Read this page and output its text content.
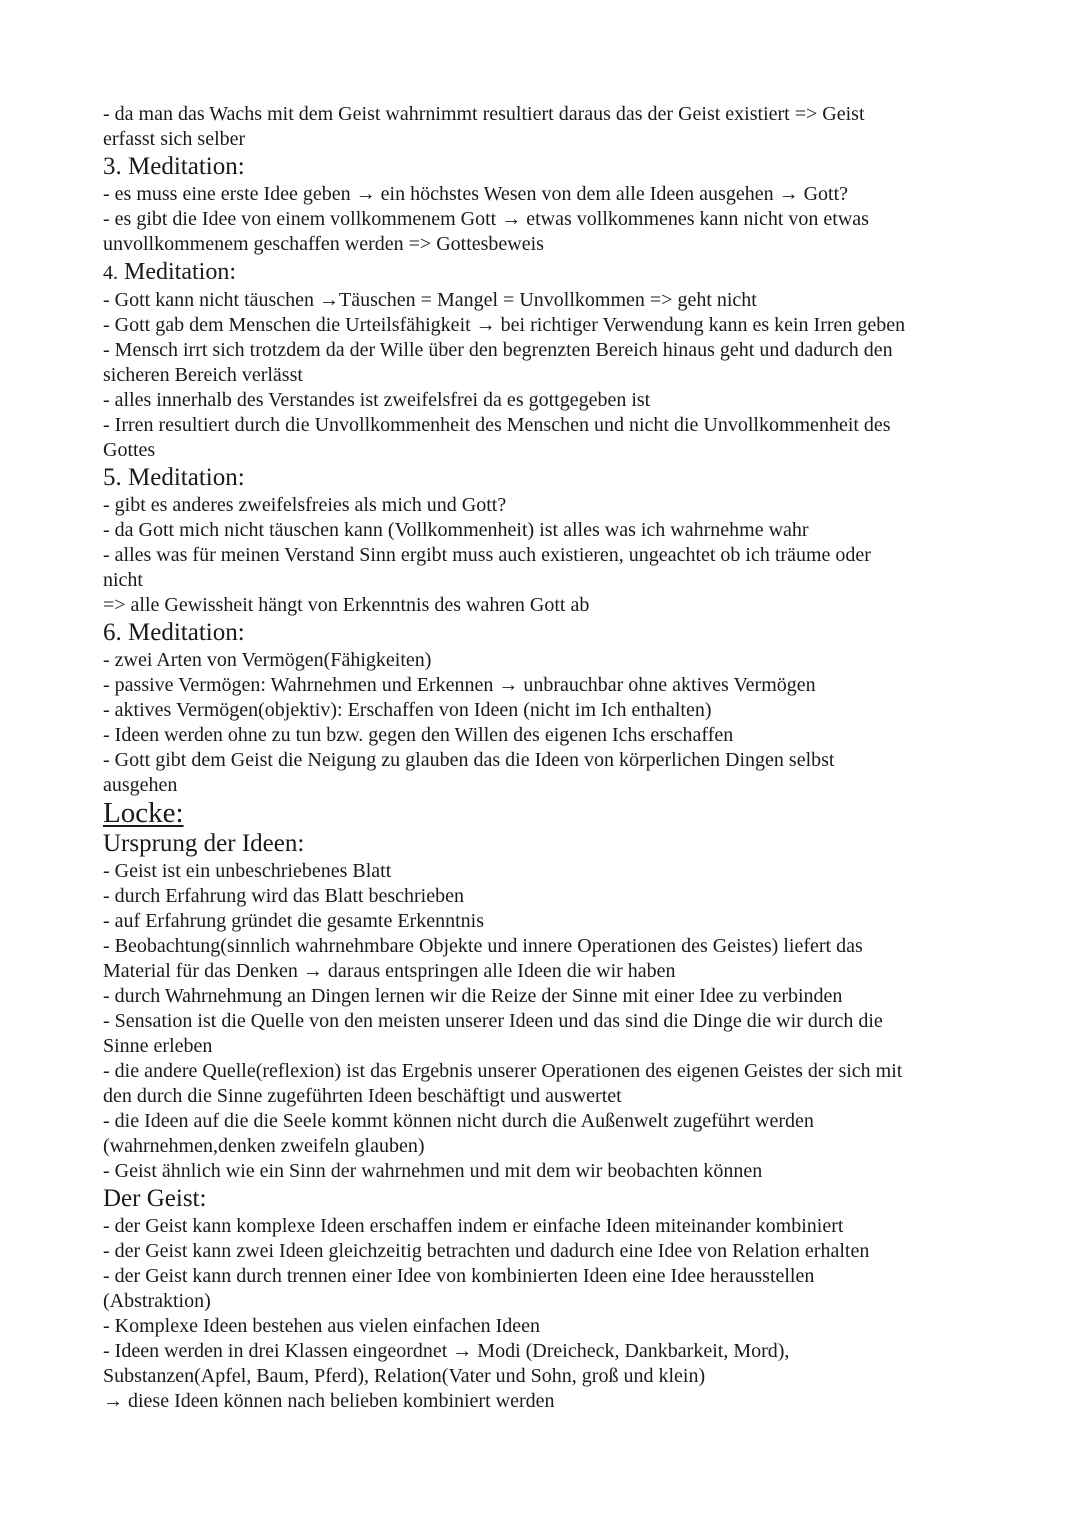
- da man das Wachs mit dem Geist wahrnimmt resultiert daraus das der Geist existiert => Geist
erfasst sich selber
3. Meditation:
- es muss eine erste Idee geben → ein höchstes Wesen von dem alle Ideen ausgehen → Gott?
- es gibt die Idee von einem vollkommenem Gott → etwas vollkommenes kann nicht von etwas
unvollkommenem geschaffen werden => Gottesbeweis
4. Meditation:
- Gott kann nicht täuschen →Täuschen = Mangel = Unvollkommen => geht nicht
- Gott gab dem Menschen die Urteilsfähigkeit → bei richtiger Verwendung kann es kein Irren geben
- Mensch irrt sich trotzdem da der Wille über den begrenzten Bereich hinaus geht und dadurch den
sicheren Bereich verlässt
- alles innerhalb des Verstandes ist zweifelsfrei da es gottgegeben ist
- Irren resultiert durch die Unvollkommenheit des Menschen und nicht die Unvollkommenheit des
Gottes
5. Meditation:
- gibt es anderes zweifelsfreies als mich und Gott?
- da Gott mich nicht täuschen kann (Vollkommenheit) ist alles was ich wahrnehme wahr
- alles was für meinen Verstand Sinn ergibt muss auch existieren, ungeachtet ob ich träume oder
nicht
=> alle Gewissheit hängt von Erkenntnis des wahren Gott ab
6. Meditation:
- zwei Arten von Vermögen(Fähigkeiten)
- passive Vermögen: Wahrnehmen und Erkennen → unbrauchbar ohne aktives Vermögen
- aktives Vermögen(objektiv): Erschaffen von Ideen (nicht im Ich enthalten)
- Ideen werden ohne zu tun bzw. gegen den Willen des eigenen Ichs erschaffen
- Gott gibt dem Geist die Neigung zu glauben das die Ideen von körperlichen Dingen selbst
ausgehen
Locke:
Ursprung der Ideen:
- Geist ist ein unbeschriebenes Blatt
- durch Erfahrung wird das Blatt beschrieben
- auf Erfahrung gründet die gesamte Erkenntnis
- Beobachtung(sinnlich wahrnehmbare Objekte und innere Operationen des Geistes) liefert das
Material für das Denken → daraus entspringen alle Ideen die wir haben
- durch Wahrnehmung an Dingen lernen wir die Reize der Sinne mit einer Idee zu verbinden
- Sensation ist die Quelle von den meisten unserer Ideen und das sind die Dinge die wir durch die
Sinne erleben
- die andere Quelle(reflexion) ist das Ergebnis unserer Operationen des eigenen Geistes der sich mit
den durch die Sinne zugeführten Ideen beschäftigt und auswertet
- die Ideen auf die die Seele kommt können nicht durch die Außenwelt zugeführt werden
(wahrnehmen,denken zweifeln glauben)
- Geist ähnlich wie ein Sinn der wahrnehmen und mit dem wir beobachten können
Der Geist:
- der Geist kann komplexe Ideen erschaffen indem er einfache Ideen miteinander kombiniert
- der Geist kann zwei Ideen gleichzeitig betrachten und dadurch eine Idee von Relation erhalten
- der Geist kann durch trennen einer Idee von kombinierten Ideen eine Idee herausstellen
(Abstraktion)
- Komplexe Ideen bestehen aus vielen einfachen Ideen
- Ideen werden in drei Klassen eingeordnet → Modi (Dreicheck, Dankbarkeit, Mord),
Substanzen(Apfel, Baum, Pferd), Relation(Vater und Sohn, groß und klein)
→ diese Ideen können nach belieben kombiniert werden
